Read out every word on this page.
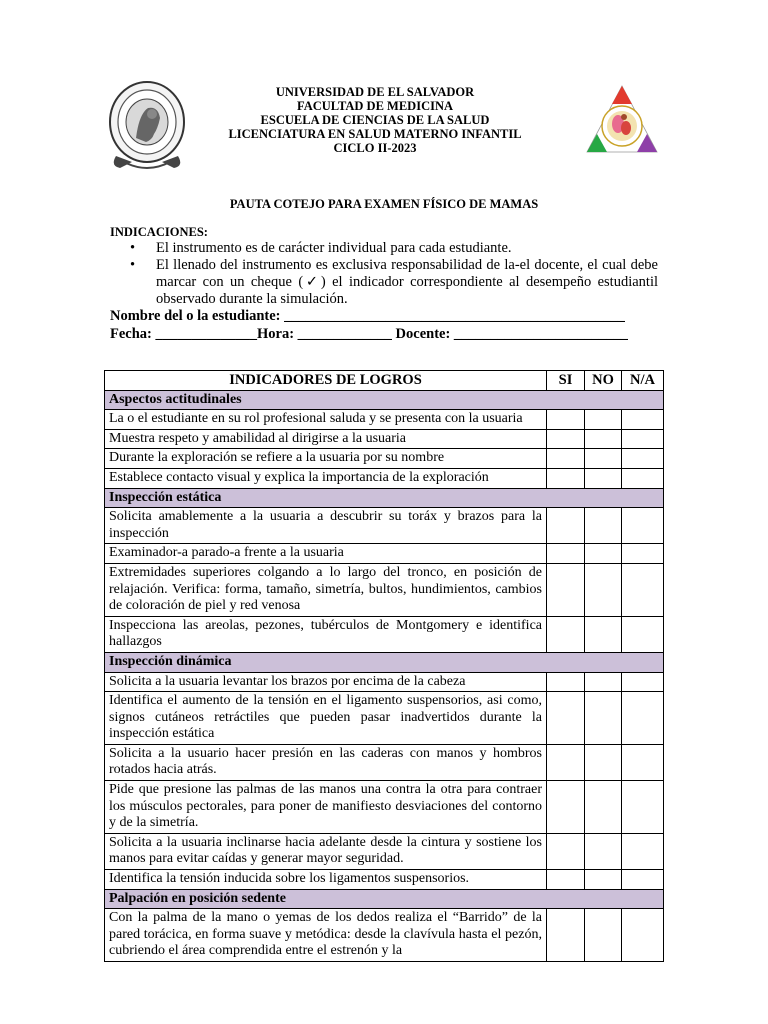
UNIVERSIDAD DE EL SALVADOR
FACULTAD DE MEDICINA
ESCUELA DE CIENCIAS DE LA SALUD
LICENCIATURA EN SALUD MATERNO INFANTIL
CICLO II-2023
PAUTA COTEJO PARA EXAMEN FÍSICO DE MAMAS
INDICACIONES:
• El instrumento es de carácter individual para cada estudiante.
• El llenado del instrumento es exclusiva responsabilidad de la-el docente, el cual debe marcar con un cheque (✓) el indicador correspondiente al desempeño estudiantil observado durante la simulación.
Nombre del o la estudiante: _______________________________________________
Fecha: ______________Hora: _____________ Docente: ________________________
INDICADORES DE LOGROS	SI	NO	N/A
Aspectos actitudinales			
La o el estudiante en su rol profesional saluda y se presenta con la usuaria			
Muestra respeto y amabilidad al dirigirse a la usuaria			
Durante la exploración se refiere a la usuaria por su nombre			
Establece contacto visual y explica la importancia de la exploración			
Inspección estática			
Solicita amablemente a la usuaria a descubrir su toráx y brazos para la inspección			
Examinador-a parado-a frente a la usuaria			
Extremidades superiores colgando a lo largo del tronco, en posición de relajación. Verifica: forma, tamaño, simetría, bultos, hundimientos, cambios de coloración de piel y red venosa			
Inspecciona las areolas, pezones, tubérculos de Montgomery e identifica hallazgos			
Inspección dinámica			
Solicita a la usuaria levantar los brazos por encima de la cabeza			
Identifica el aumento de la tensión en el ligamento suspensorios, asi como, signos cutáneos retráctiles que pueden pasar inadvertidos durante la inspección estática			
Solicita a la usuario hacer presión en las caderas con manos y hombros rotados hacia atrás.			
Pide que presione las palmas de las manos una contra la otra para contraer los músculos pectorales, para poner de manifiesto desviaciones del contorno y de la simetría.			
Solicita a la usuaria inclinarse hacia adelante desde la cintura y sostiene los manos para evitar caídas y generar mayor seguridad.			
Identifica la tensión inducida sobre los ligamentos suspensorios.			
Palpación en posición sedente			
Con la palma de la mano o yemas de los dedos realiza el “Barrido” de la pared torácica, en forma suave y metódica: desde la clavívula hasta el pezón, cubriendo el área comprendida entre el estrenón y la			
